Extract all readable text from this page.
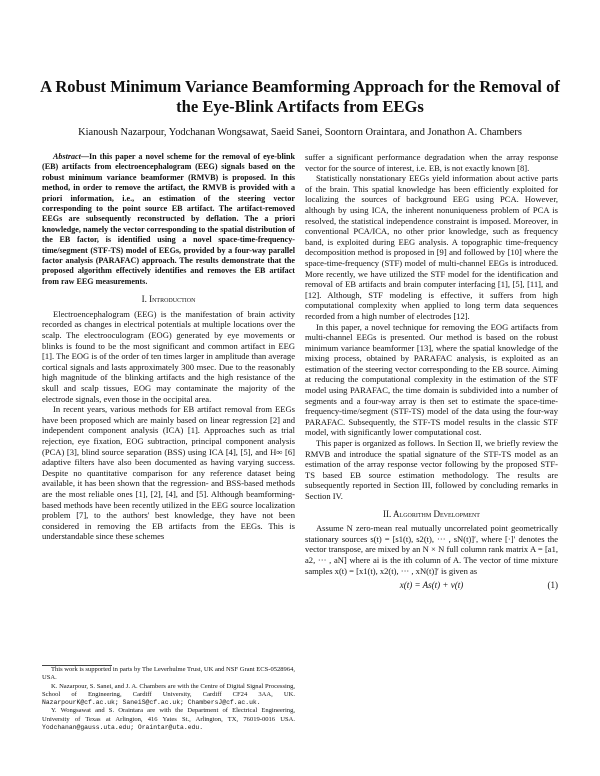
A Robust Minimum Variance Beamforming Approach for the Removal of the Eye-Blink Artifacts from EEGs

Kianoush Nazarpour, Yodchanan Wongsawat, Saeid Sanei, Soontorn Oraintara, and Jonathon A. Chambers

Abstract—In this paper a novel scheme for the removal of eye-blink (EB) artifacts from electroencephalogram (EEG) signals based on the robust minimum variance beamformer (RMVB) is proposed. In this method, in order to remove the artifact, the RMVB is provided with a priori information, i.e., an estimation of the steering vector corresponding to the point source EB artifact. The artifact-removed EEGs are subsequently reconstructed by deflation. The a priori knowledge, namely the vector corresponding to the spatial distribution of the EB factor, is identified using a novel space-time-frequency-time/segment (STF-TS) model of EEGs, provided by a four-way parallel factor analysis (PARAFAC) approach. The results demonstrate that the proposed algorithm effectively identifies and removes the EB artifact from raw EEG measurements.

I. Introduction

Electroencephalogram (EEG) is the manifestation of brain activity recorded as changes in electrical potentials at multiple locations over the scalp. The electrooculogram (EOG) generated by eye movements or blinks is found to be the most significant and common artifact in EEG [1]. The EOG is of the order of ten times larger in amplitude than average cortical signals and lasts approximately 300 msec. Due to the reasonably high magnitude of the blinking artifacts and the high resistance of the skull and scalp tissues, EOG may contaminate the majority of the electrode signals, even those in the occipital area.

In recent years, various methods for EB artifact removal from EEGs have been proposed which are mainly based on linear regression [2] and independent component analysis (ICA) [1]. Approaches such as trial rejection, eye fixation, EOG subtraction, principal component analysis (PCA) [3], blind source separation (BSS) using ICA [4], [5], and H∞ [6] adaptive filters have also been documented as having varying success. Despite no quantitative comparison for any reference dataset being available, it has been shown that the regression- and BSS-based methods are the most reliable ones [1], [2], [4], and [5]. Although beamforming-based methods have been recently utilized in the EEG source localization problem [7], to the authors' best knowledge, they have not been considered in removing the EB artifacts from the EEGs. This is understandable since these schemes

This work is supported in parts by The Leverhulme Trust, UK and NSF Grant ECS-0528964, USA.

K. Nazarpour, S. Sanei, and J. A. Chambers are with the Centre of Digital Signal Processing, School of Engineering, Cardiff University, Cardiff CF24 3AA, UK. NazarpourK@cf.ac.uk; SaneiS@cf.ac.uk; ChambersJ@cf.ac.uk.

Y. Wongsawat and S. Oraintara are with the Department of Electrical Engineering, University of Texas at Arlington, 416 Yates St., Arlington, TX, 76019-0016 USA. Yodchanan@gauss.uta.edu; Oraintar@uta.edu.

suffer a significant performance degradation when the array response vector for the source of interest, i.e. EB, is not exactly known [8].

Statistically nonstationary EEGs yield information about active parts of the brain. This spatial knowledge has been efficiently exploited for localizing the sources of background EEG using PCA. However, although by using ICA, the inherent nonuniqueness problem of PCA is resolved, the statistical independence constraint is imposed. Moreover, in conventional PCA/ICA, no other prior knowledge, such as frequency band, is exploited during EEG analysis. A topographic time-frequency decomposition method is proposed in [9] and followed by [10] where the space-time-frequency (STF) model of multi-channel EEGs is introduced. More recently, we have utilized the STF model for the identification and removal of EB artifacts and brain computer interfacing [1], [5], [11], and [12]. Although, STF modeling is effective, it suffers from high computational complexity when applied to long term data sequences recorded from a high number of electrodes [12].

In this paper, a novel technique for removing the EOG artifacts from multi-channel EEGs is presented. Our method is based on the robust minimum variance beamformer [13], where the spatial knowledge of the mixing process, obtained by PARAFAC analysis, is exploited as an estimation of the steering vector corresponding to the EB source. Aiming at reducing the computational complexity in the estimation of the STF model using PARAFAC, the time domain is subdivided into a number of segments and a four-way array is then set to estimate the space-time-frequency-time/segment (STF-TS) model of the data using the four-way PARAFAC. Subsequently, the STF-TS model results in the classic STF model, with significantly lower computational cost.

This paper is organized as follows. In Section II, we briefly review the RMVB and introduce the spatial signature of the STF-TS model as an estimation of the array response vector following by the proposed STF-TS based EB source estimation methodology. The results are subsequently reported in Section III, followed by concluding remarks in Section IV.

II. Algorithm Development

Assume N zero-mean real mutually uncorrelated point geometrically stationary sources s(t) = [s1(t), s2(t), ··· , sN(t)]′, where [·]′ denotes the vector transpose, are mixed by an N × N full column rank matrix A = [a1, a2, ··· , aN] where ai is the ith column of A. The vector of time mixture samples x(t) = [x1(t), x2(t), ··· , xN(t)]′ is given as

x(t) = As(t) + v(t)	(1)
